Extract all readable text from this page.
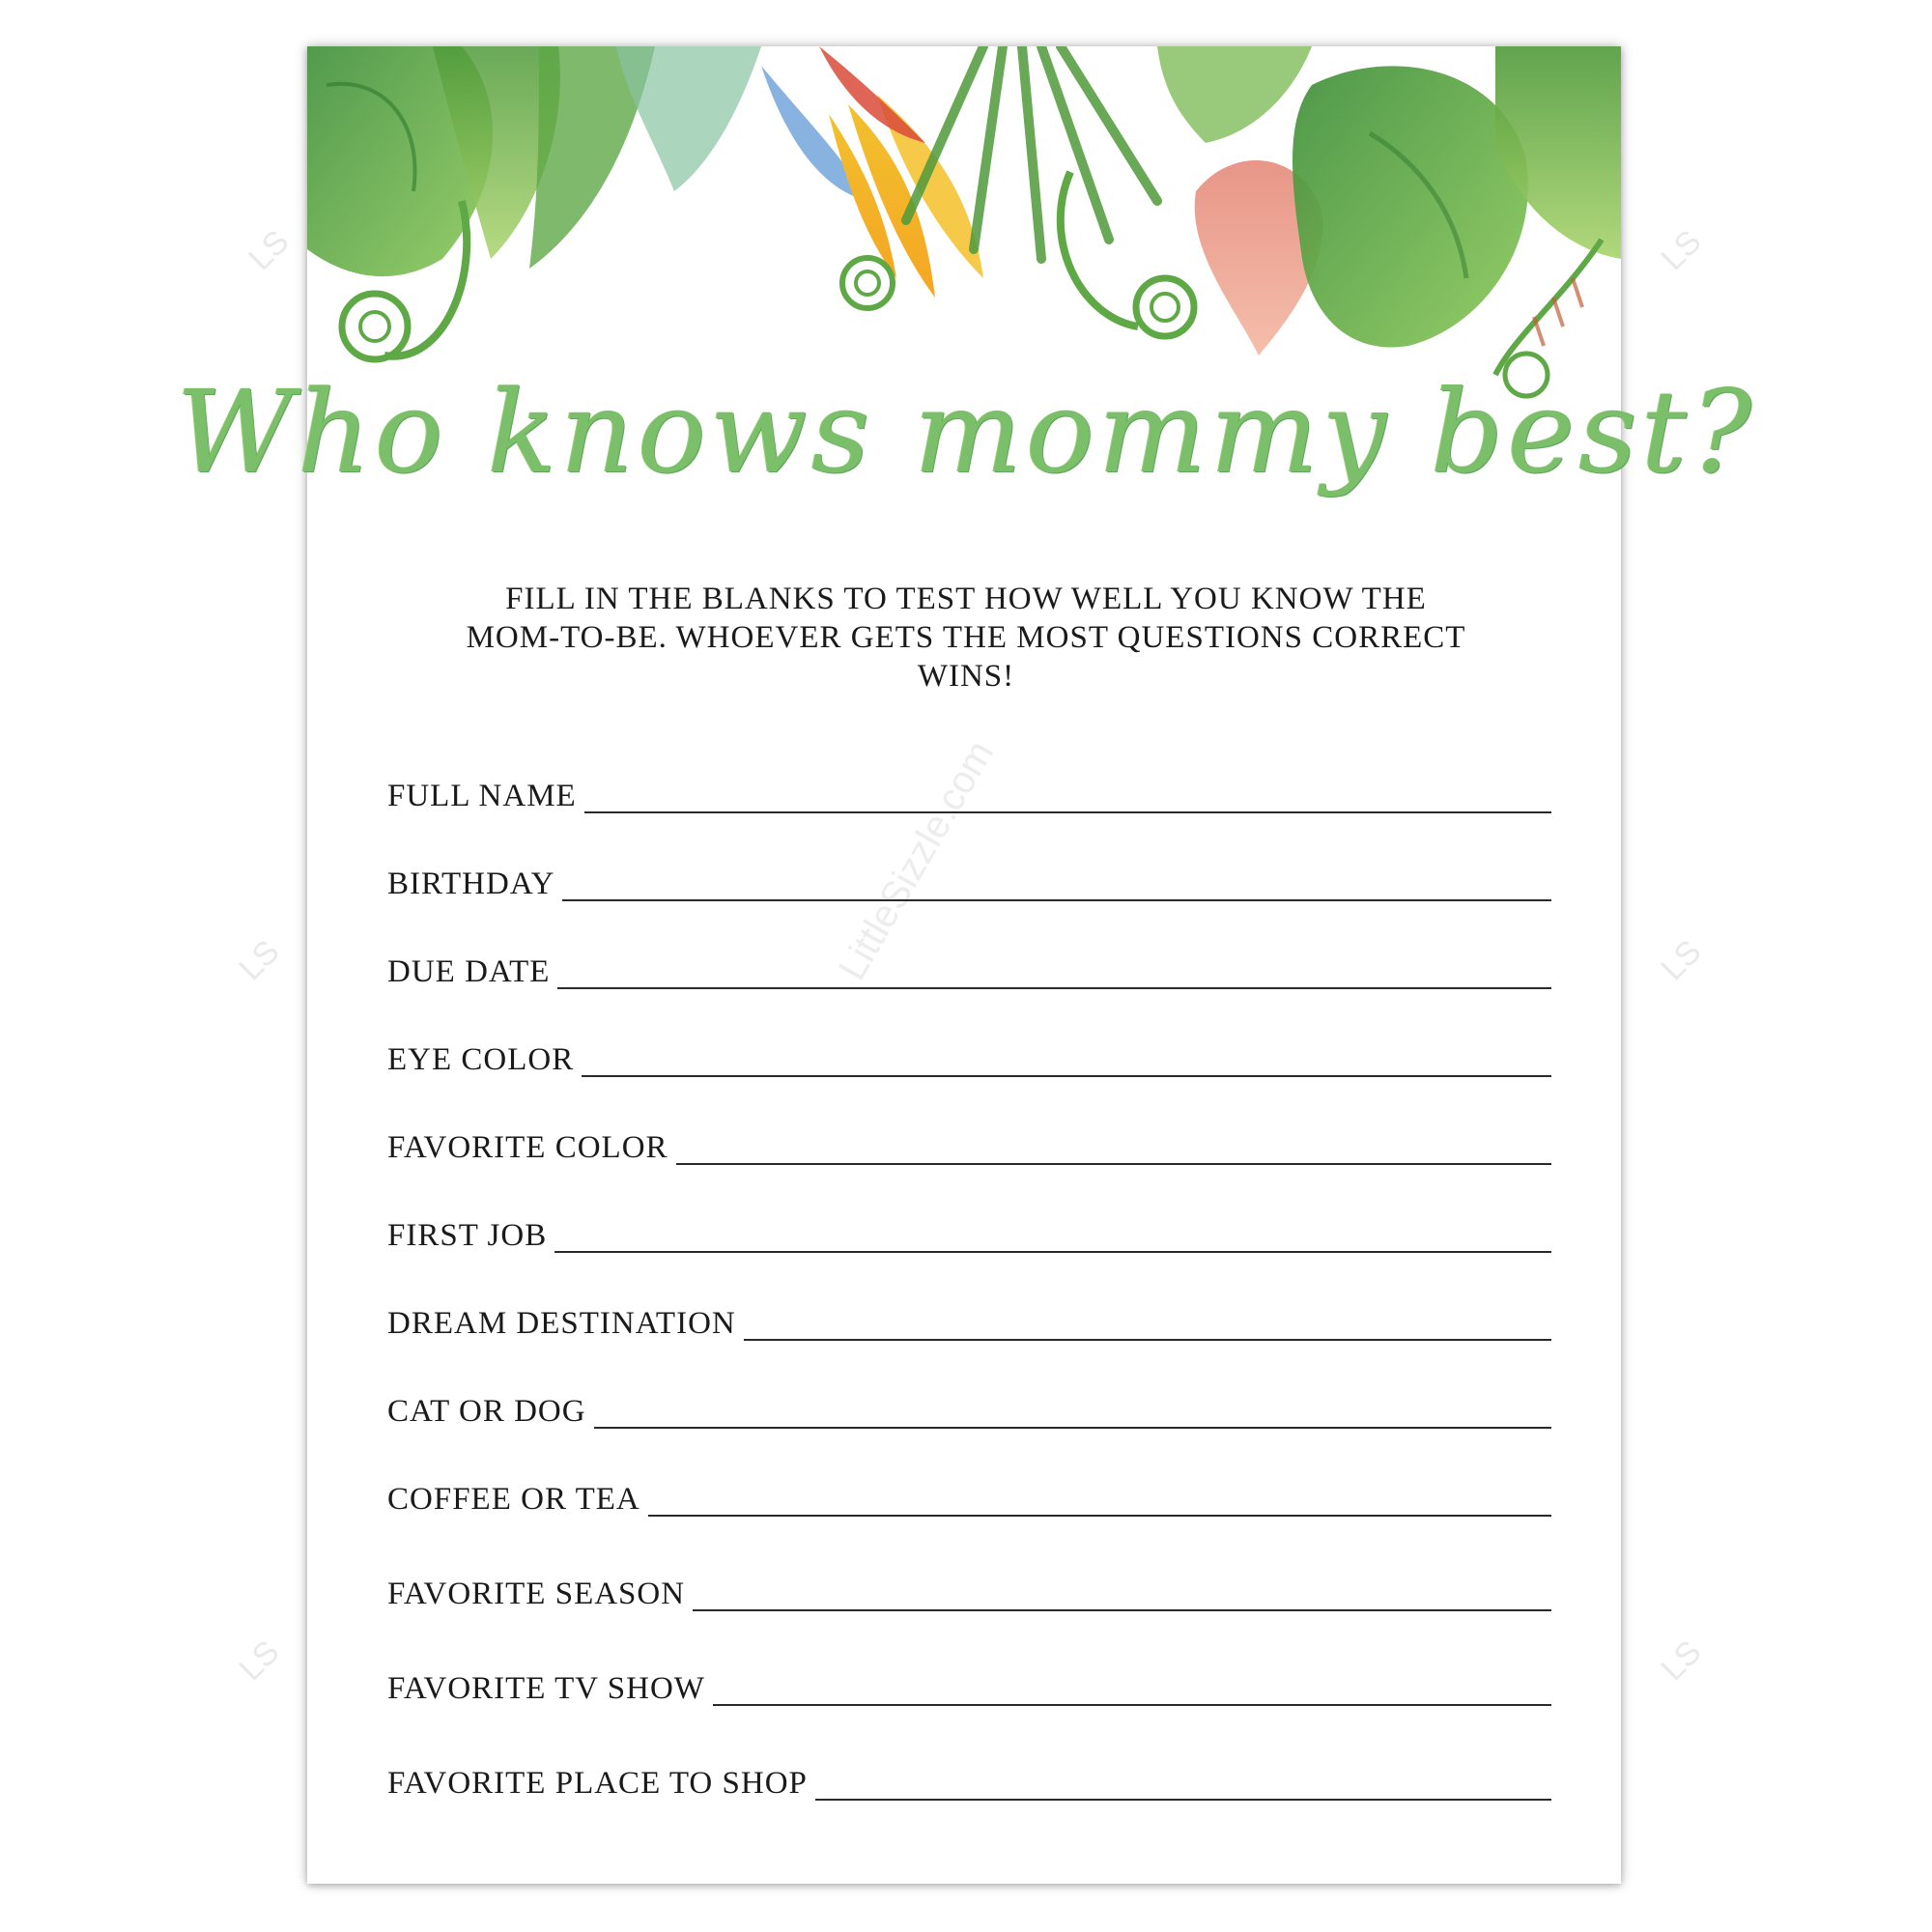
LS
LS
LS
LS
LS
LS
LittleSizzle.com
Who knows mommy best?

FILL IN THE BLANKS TO TEST HOW WELL YOU KNOW THE MOM-TO-BE. WHOEVER GETS THE MOST QUESTIONS CORRECT WINS!

FULL NAME
BIRTHDAY
DUE DATE
EYE COLOR
FAVORITE COLOR
FIRST JOB
DREAM DESTINATION
CAT OR DOG
COFFEE OR TEA
FAVORITE SEASON
FAVORITE TV SHOW
FAVORITE PLACE TO SHOP
